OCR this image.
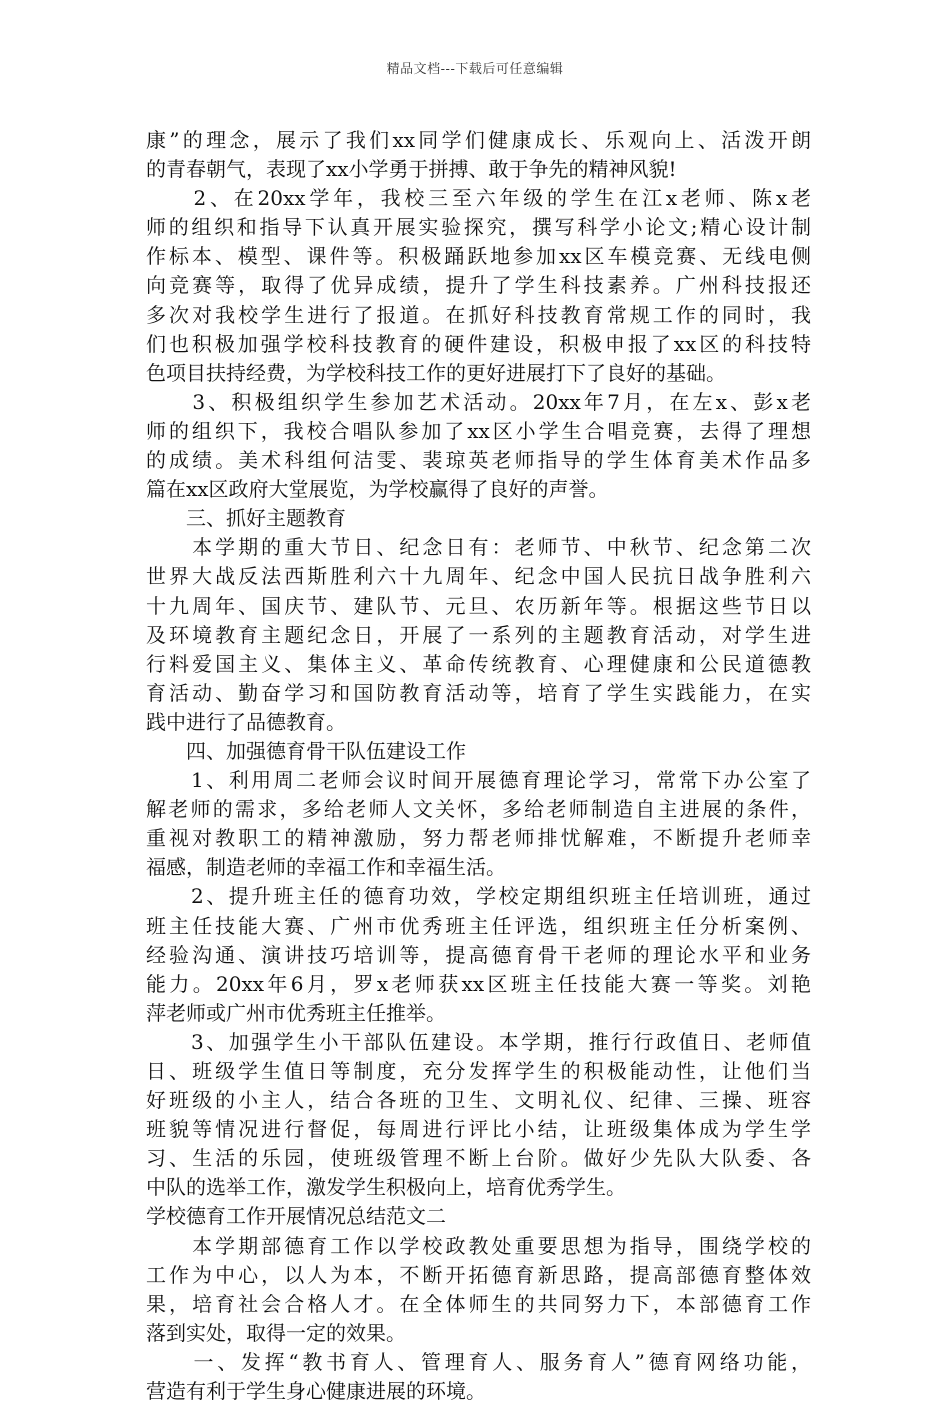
精品文档---下载后可任意编辑
康”的理念，展示了我们xx同学们健康成长、乐观向上、活泼开朗
的青春朝气，表现了xx小学勇于拼搏、敢于争先的精神风貌!
　　2、在20xx学年，我校三至六年级的学生在江x老师、陈x老
师的组织和指导下认真开展实验探究，撰写科学小论文;精心设计制
作标本、模型、课件等。积极踊跃地参加xx区车模竞赛、无线电侧
向竞赛等，取得了优异成绩，提升了学生科技素养。广州科技报还
多次对我校学生进行了报道。在抓好科技教育常规工作的同时，我
们也积极加强学校科技教育的硬件建设，积极申报了xx区的科技特
色项目扶持经费，为学校科技工作的更好进展打下了良好的基础。
　　3、积极组织学生参加艺术活动。20xx年7月，在左x、彭x老
师的组织下，我校合唱队参加了xx区小学生合唱竞赛，去得了理想
的成绩。美术科组何洁雯、裴琼英老师指导的学生体育美术作品多
篇在xx区政府大堂展览，为学校赢得了良好的声誉。
　　三、抓好主题教育
　　本学期的重大节日、纪念日有：老师节、中秋节、纪念第二次
世界大战反法西斯胜利六十九周年、纪念中国人民抗日战争胜利六
十九周年、国庆节、建队节、元旦、农历新年等。根据这些节日以
及环境教育主题纪念日，开展了一系列的主题教育活动，对学生进
行料爱国主义、集体主义、革命传统教育、心理健康和公民道德教
育活动、勤奋学习和国防教育活动等，培育了学生实践能力，在实
践中进行了品德教育。
　　四、加强德育骨干队伍建设工作
　　1、利用周二老师会议时间开展德育理论学习，常常下办公室了
解老师的需求，多给老师人文关怀，多给老师制造自主进展的条件，
重视对教职工的精神激励，努力帮老师排忧解难，不断提升老师幸
福感，制造老师的幸福工作和幸福生活。
　　2、提升班主任的德育功效，学校定期组织班主任培训班，通过
班主任技能大赛、广州市优秀班主任评选，组织班主任分析案例、
经验沟通、演讲技巧培训等，提高德育骨干老师的理论水平和业务
能力。20xx年6月，罗x老师获xx区班主任技能大赛一等奖。刘艳
萍老师或广州市优秀班主任推举。
　　3、加强学生小干部队伍建设。本学期，推行行政值日、老师值
日、班级学生值日等制度，充分发挥学生的积极能动性，让他们当
好班级的小主人，结合各班的卫生、文明礼仪、纪律、三操、班容
班貌等情况进行督促，每周进行评比小结，让班级集体成为学生学
习、生活的乐园，使班级管理不断上台阶。做好少先队大队委、各
中队的选举工作，激发学生积极向上，培育优秀学生。
学校德育工作开展情况总结范文二
　　本学期部德育工作以学校政教处重要思想为指导，围绕学校的
工作为中心，以人为本，不断开拓德育新思路，提高部德育整体效
果，培育社会合格人才。在全体师生的共同努力下，本部德育工作
落到实处，取得一定的效果。
　　一、发挥“教书育人、管理育人、服务育人”德育网络功能，
营造有利于学生身心健康进展的环境。
